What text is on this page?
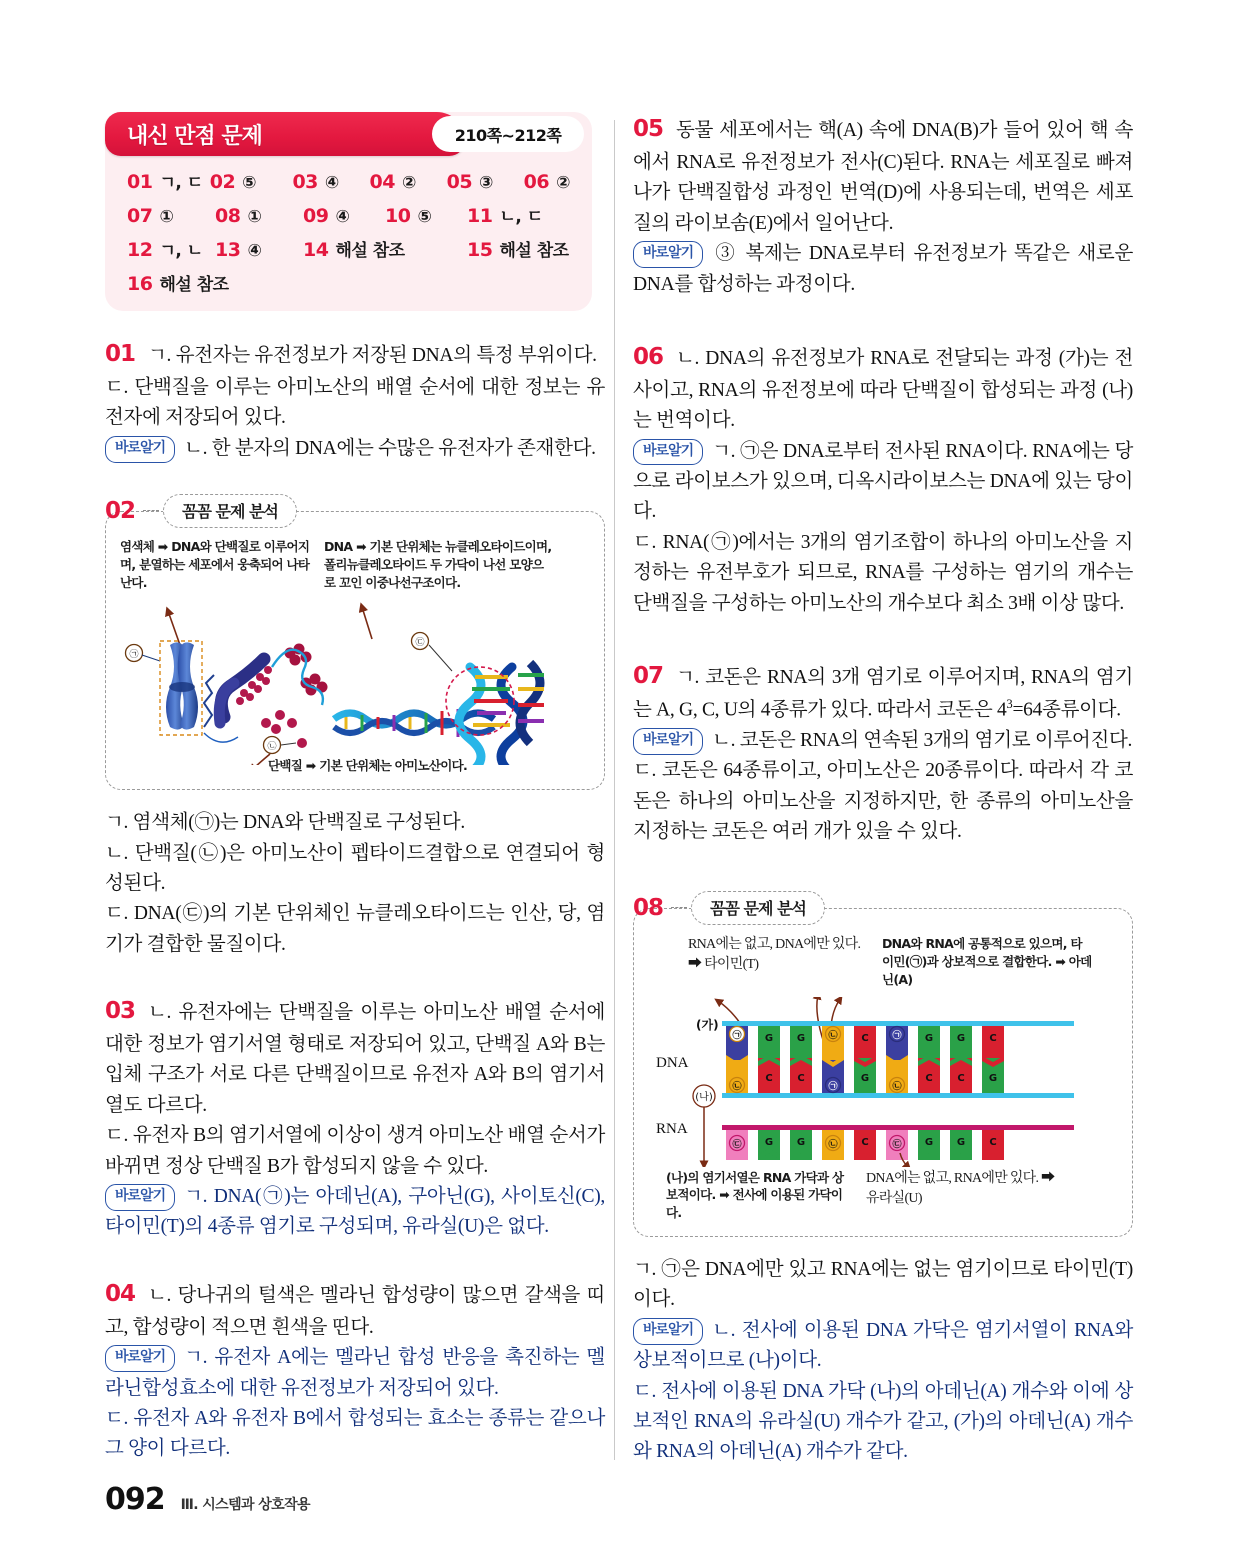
내신 만점 문제	210쪽~212쪽
01 ㄱ, ㄷ 02 ⑤ 03 ④ 04 ② 05 ③ 06 ②
07 ① 08 ① 09 ④ 10 ⑤ 11 ㄴ, ㄷ
12 ㄱ, ㄴ 13 ④ 14 해설 참조	15 해설 참조
16 해설 참조

01 ㄱ. 유전자는 유전정보가 저장된 DNA의 특정 부위이다.

ㄷ. 단백질을 이루는 아미노산의 배열 순서에 대한 정보는 유전자에 저장되어 있다.

바로알기 ㄴ. 한 분자의 DNA에는 수많은 유전자가 존재한다.

02	꼼꼼 문제 분석
염색체 ➡ DNA와 단백질로 이루어지며, 분열하는 세포에서 웅축되어 나타난다.
DNA ➡ 기본 단위체는 뉴클레오타이드이며, 폴리뉴클레오타이드 두 가닥이 나선 모양으로 꼬인 이중나선구조이다.
㉠
㉡
㉢
단백질 ➡ 기본 단위체는 아미노산이다.

ㄱ. 염색체(㉠)는 DNA와 단백질로 구성된다.

ㄴ. 단백질(㉡)은 아미노산이 펩타이드결합으로 연결되어 형성된다.

ㄷ. DNA(㉢)의 기본 단위체인 뉴클레오타이드는 인산, 당, 염기가 결합한 물질이다.

03 ㄴ. 유전자에는 단백질을 이루는 아미노산 배열 순서에 대한 정보가 염기서열 형태로 저장되어 있고, 단백질 A와 B는 입체 구조가 서로 다른 단백질이므로 유전자 A와 B의 염기서열도 다르다.

ㄷ. 유전자 B의 염기서열에 이상이 생겨 아미노산 배열 순서가 바뀌면 정상 단백질 B가 합성되지 않을 수 있다.

바로알기 ㄱ. DNA(㉠)는 아데닌(A), 구아닌(G), 사이토신(C), 타이민(T)의 4종류 염기로 구성되며, 유라실(U)은 없다.

04 ㄴ. 당나귀의 털색은 멜라닌 합성량이 많으면 갈색을 띠고, 합성량이 적으면 흰색을 띤다.

바로알기 ㄱ. 유전자 A에는 멜라닌 합성 반응을 촉진하는 멜라닌합성효소에 대한 유전정보가 저장되어 있다.

ㄷ. 유전자 A와 유전자 B에서 합성되는 효소는 종류는 같으나 그 양이 다르다.

05 동물 세포에서는 핵(A) 속에 DNA(B)가 들어 있어 핵 속에서 RNA로 유전정보가 전사(C)된다. RNA는 세포질로 빠져나가 단백질합성 과정인 번역(D)에 사용되는데, 번역은 세포질의 라이보솜(E)에서 일어난다.

바로알기 ③ 복제는 DNA로부터 유전정보가 똑같은 새로운 DNA를 합성하는 과정이다.

06 ㄴ. DNA의 유전정보가 RNA로 전달되는 과정 (가)는 전사이고, RNA의 유전정보에 따라 단백질이 합성되는 과정 (나)는 번역이다.

바로알기 ㄱ. ㉠은 DNA로부터 전사된 RNA이다. RNA에는 당으로 라이보스가 있으며, 디옥시라이보스는 DNA에 있는 당이다.

ㄷ. RNA(㉠)에서는 3개의 염기조합이 하나의 아미노산을 지정하는 유전부호가 되므로, RNA를 구성하는 염기의 개수는 단백질을 구성하는 아미노산의 개수보다 최소 3배 이상 많다.

07 ㄱ. 코돈은 RNA의 3개 염기로 이루어지며, RNA의 염기는 A, G, C, U의 4종류가 있다. 따라서 코돈은 $4^3=64$종류이다.

바로알기 ㄴ. 코돈은 RNA의 연속된 3개의 염기로 이루어진다.

ㄷ. 코돈은 64종류이고, 아미노산은 20종류이다. 따라서 각 코돈은 하나의 아미노산을 지정하지만, 한 종류의 아미노산을 지정하는 코돈은 여러 개가 있을 수 있다.

08	꼼꼼 문제 분석
RNA에는 없고, DNA에만 있다. ➡ 타이민(T)
DNA와 RNA에 공통적으로 있으며, 타이민(㉠)과 상보적으로 결합한다. ➡ 아데닌(A)
(가)
DNA
RNA
㉠
㉡
G
C
G
C
㉡
㉠
C
G
㉠
㉡
G
C
G
C
C
G
㉢ G G	㉡ C	㉢ G G C
(나)
(나)의 염기서열은 RNA 가닥과 상보적이다. ➡ 전사에 이용된 가닥이다.
DNA에는 없고, RNA에만 있다. ➡ 유라실(U)

ㄱ. ㉠은 DNA에만 있고 RNA에는 없는 염기이므로 타이민(T)이다.

바로알기 ㄴ. 전사에 이용된 DNA 가닥은 염기서열이 RNA와 상보적이므로 (나)이다.

ㄷ. 전사에 이용된 DNA 가닥 (나)의 아데닌(A) 개수와 이에 상보적인 RNA의 유라실(U) 개수가 같고, (가)의 아데닌(A) 개수와 RNA의 아데닌(A) 개수가 같다.

092 Ⅲ. 시스템과 상호작용
